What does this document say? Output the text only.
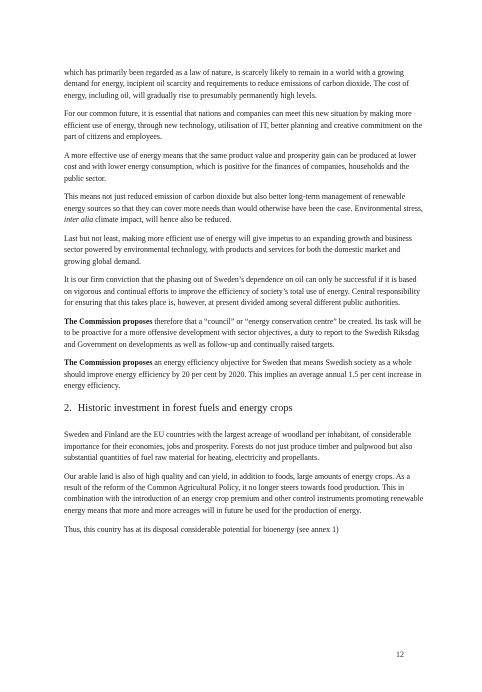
which has primarily been regarded as a law of nature, is scarcely likely to remain in a world with a growing demand for energy, incipient oil scarcity and requirements to reduce emissions of carbon dioxide. The cost of energy, including oil, will gradually rise to presumably permanently high levels.

For our common future, it is essential that nations and companies can meet this new situation by making more efficient use of energy, through new technology, utilisation of IT, better planning and creative commitment on the part of citizens and employees.

A more effective use of energy means that the same product value and prosperity gain can be produced at lower cost and with lower energy consumption, which is positive for the finances of companies, households and the public sector.

This means not just reduced emission of carbon dioxide but also better long-term management of renewable energy sources so that they can cover more needs than would otherwise have been the case. Environmental stress, inter alia climate impact, will hence also be reduced.

Last but not least, making more efficient use of energy will give impetus to an expanding growth and business sector powered by environmental technology, with products and services for both the domestic market and growing global demand.

It is our firm conviction that the phasing out of Sweden’s dependence on oil can only be successful if it is based on vigorous and continual efforts to improve the efficiency of society’s total use of energy. Central responsibility for ensuring that this takes place is, however, at present divided among several different public authorities.

The Commission proposes therefore that a “council” or “energy conservation centre” be created. Its task will be to be proactive for a more offensive development with sector objectives, a duty to report to the Swedish Riksdag and Government on developments as well as follow-up and continually raised targets.

The Commission proposes an energy efficiency objective for Sweden that means Swedish society as a whole should improve energy efficiency by 20 per cent by 2020. This implies an average annual 1.5 per cent increase in energy efficiency.

2. Historic investment in forest fuels and energy crops

Sweden and Finland are the EU countries with the largest acreage of woodland per inhabitant, of considerable importance for their economies, jobs and prosperity. Forests do not just produce timber and pulpwood but also substantial quantities of fuel raw material for heating, electricity and propellants.

Our arable land is also of high quality and can yield, in addition to foods, large amounts of energy crops. As a result of the reform of the Common Agricultural Policy, it no longer steers towards food production. This in combination with the introduction of an energy crop premium and other control instruments promoting renewable energy means that more and more acreages will in future be used for the production of energy.

Thus, this country has at its disposal considerable potential for bioenergy (see annex 1)

12
